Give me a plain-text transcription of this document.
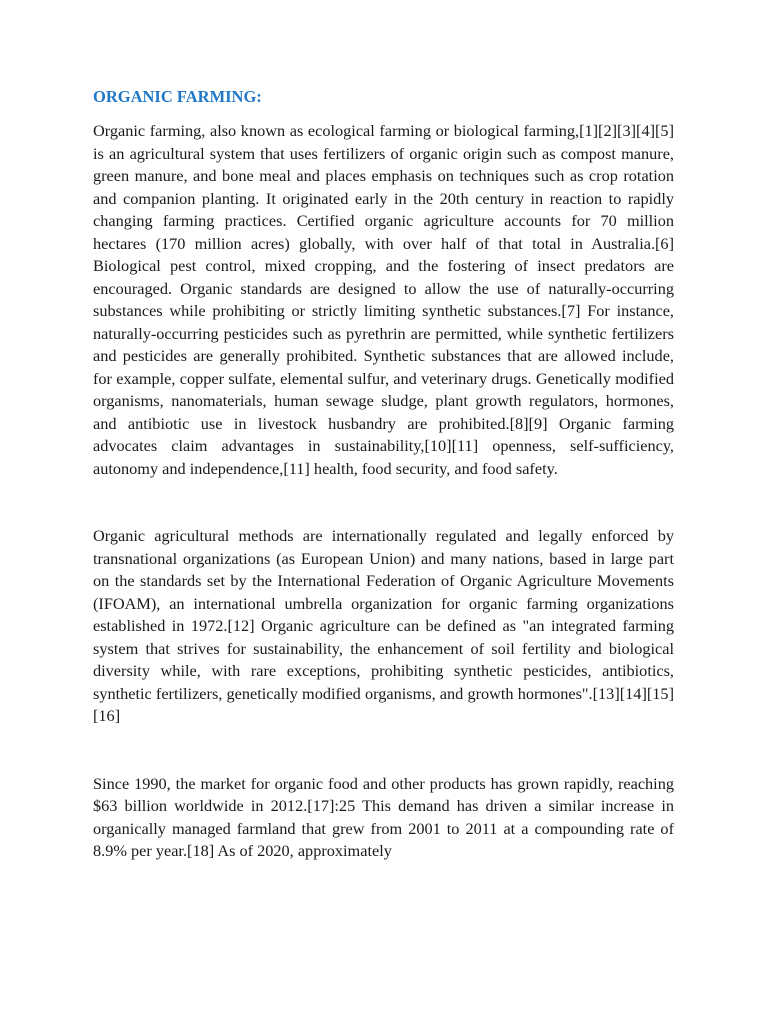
ORGANIC FARMING:

Organic farming, also known as ecological farming or biological farming,[1][2][3][4][5] is an agricultural system that uses fertilizers of organic origin such as compost manure, green manure, and bone meal and places emphasis on techniques such as crop rotation and companion planting. It originated early in the 20th century in reaction to rapidly changing farming practices. Certified organic agriculture accounts for 70 million hectares (170 million acres) globally, with over half of that total in Australia.[6] Biological pest control, mixed cropping, and the fostering of insect predators are encouraged. Organic standards are designed to allow the use of naturally-occurring substances while prohibiting or strictly limiting synthetic substances.[7] For instance, naturally-occurring pesticides such as pyrethrin are permitted, while synthetic fertilizers and pesticides are generally prohibited. Synthetic substances that are allowed include, for example, copper sulfate, elemental sulfur, and veterinary drugs. Genetically modified organisms, nanomaterials, human sewage sludge, plant growth regulators, hormones, and antibiotic use in livestock husbandry are prohibited.[8][9] Organic farming advocates claim advantages in sustainability,[10][11] openness, self-sufficiency, autonomy and independence,[11] health, food security, and food safety.

Organic agricultural methods are internationally regulated and legally enforced by transnational organizations (as European Union) and many nations, based in large part on the standards set by the International Federation of Organic Agriculture Movements (IFOAM), an international umbrella organization for organic farming organizations established in 1972.[12] Organic agriculture can be defined as "an integrated farming system that strives for sustainability, the enhancement of soil fertility and biological diversity while, with rare exceptions, prohibiting synthetic pesticides, antibiotics, synthetic fertilizers, genetically modified organisms, and growth hormones".[13][14][15][16]

Since 1990, the market for organic food and other products has grown rapidly, reaching $63 billion worldwide in 2012.[17]:25 This demand has driven a similar increase in organically managed farmland that grew from 2001 to 2011 at a compounding rate of 8.9% per year.[18] As of 2020, approximately
